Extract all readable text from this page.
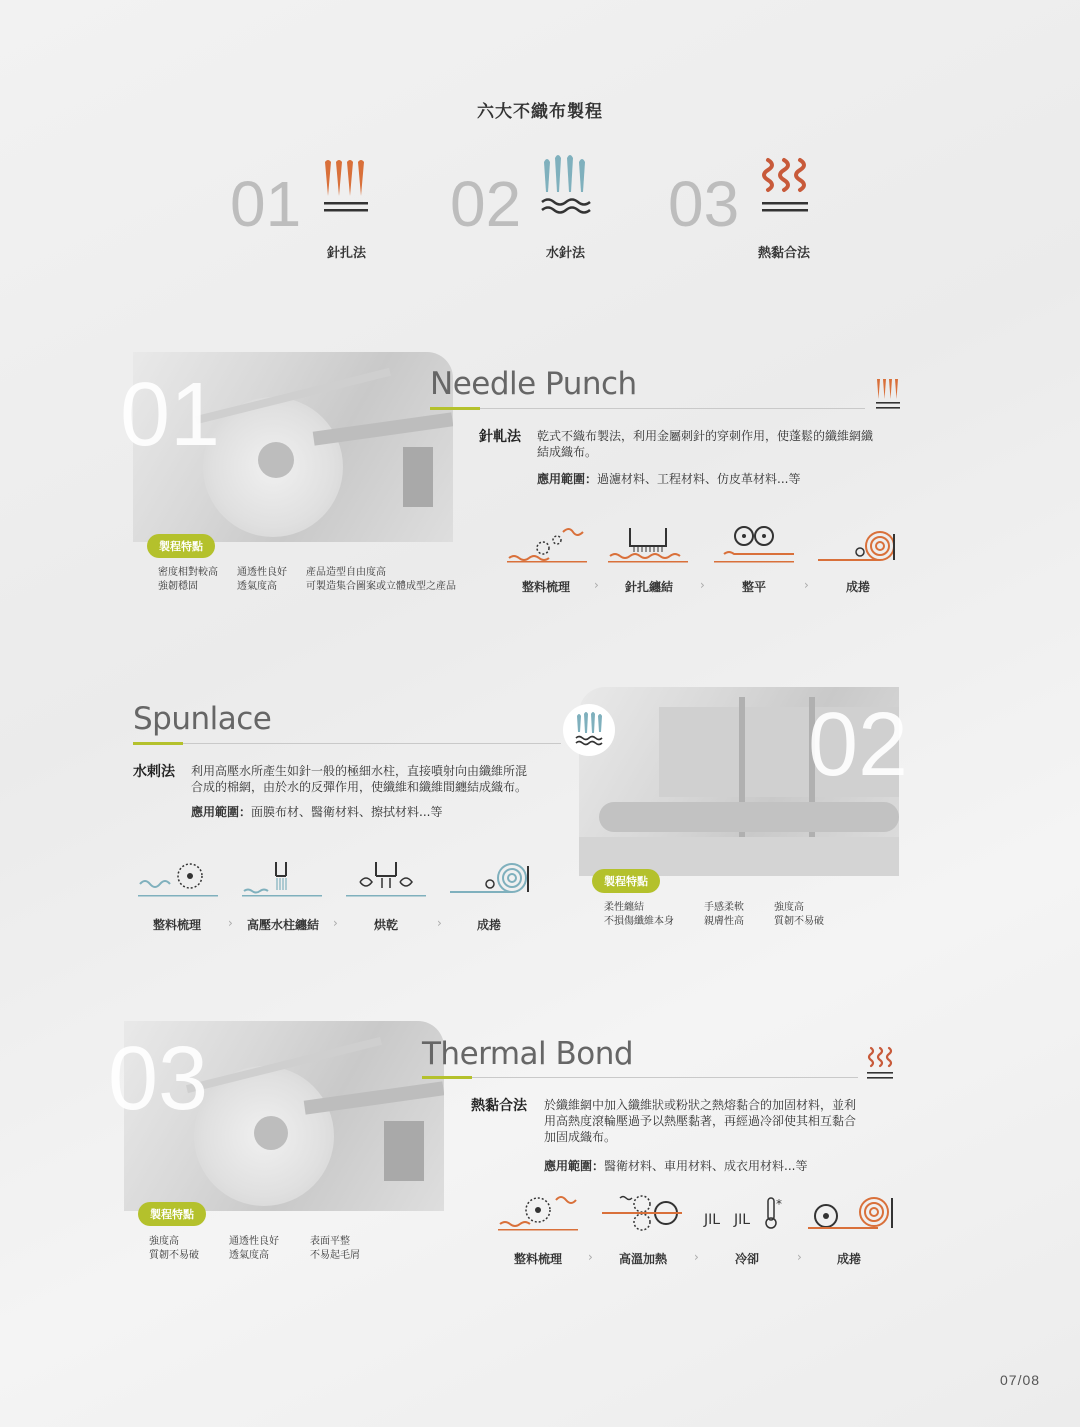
六大不織布製程
01
針扎法
02
水針法
03
熱黏合法
01
製程特點
密度相對較高
強韌穩固
通透性良好
透氣度高
產品造型自由度高
可製造集合圖案或立體成型之產品
Needle Punch
針軋法 乾式不織布製法，利用金屬刺針的穿刺作用，使蓬鬆的纖維網纖
結成織布。
應用範圍：過濾材料、工程材料、仿皮革材料...等
整料梳理	›	針扎纏結	›	整平	›	成捲
Spunlace	02
製程特點
柔性纏結
不損傷纖維本身
手感柔軟
親膚性高
強度高
質韌不易破
水剌法 利用高壓水所產生如針一般的極細水柱，直接噴射向由纖維所混
合成的棉網，由於水的反彈作用，使纖維和纖維間纏結成織布。
應用範圍：面膜布材、醫衛材料、擦拭材料...等
整料梳理	›	高壓水柱纏結	›	烘乾	›	成捲
03
製程特點
強度高
質韌不易破
通透性良好
透氣度高
表面平整
不易起毛屑
Thermal Bond
熱黏合法 於纖維網中加入纖維狀或粉狀之熱熔黏合的加固材料，並利
用高熱度滾輪壓過予以熱壓黏著，再經過冷卻使其相互黏合
加固成織布。
應用範圍：醫衛材料、車用材料、成衣用材料...等
JIL JIL
*
整料梳理	›	高溫加熱	›	冷卻	›	成捲
07/08
